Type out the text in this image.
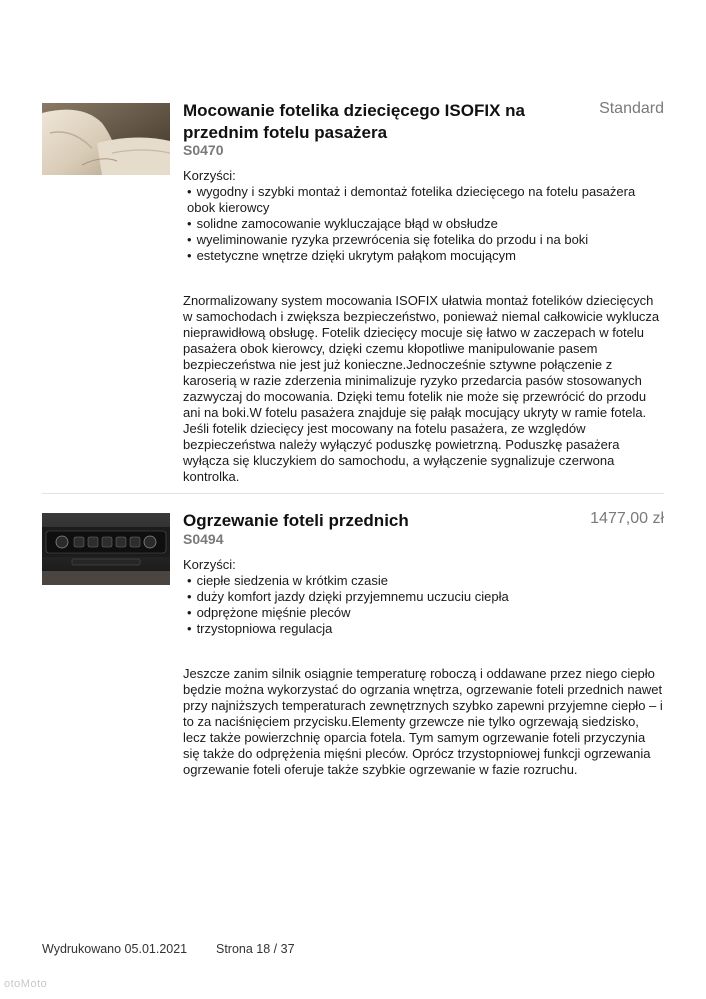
Mocowanie fotelika dziecięcego ISOFIX na przednim fotelu pasażera
S0470
Standard
Korzyści:
• wygodny i szybki montaż i demontaż fotelika dziecięcego na fotelu pasażera obok kierowcy
• solidne zamocowanie wykluczające błąd w obsłudze
• wyeliminowanie ryzyka przewrócenia się fotelika do przodu i na boki
• estetyczne wnętrze dzięki ukrytym pałąkom mocującym
Znormalizowany system mocowania ISOFIX ułatwia montaż fotelików dziecięcych w samochodach i zwiększa bezpieczeństwo, ponieważ niemal całkowicie wyklucza nieprawidłową obsługę. Fotelik dziecięcy mocuje się łatwo w zaczepach w fotelu pasażera obok kierowcy, dzięki czemu kłopotliwe manipulowanie pasem bezpieczeństwa nie jest już konieczne.Jednocześnie sztywne połączenie z karoserią w razie zderzenia minimalizuje ryzyko przedarcia pasów stosowanych zazwyczaj do mocowania. Dzięki temu fotelik nie może się przewrócić do przodu ani na boki.W fotelu pasażera znajduje się pałąk mocujący ukryty w ramie fotela. Jeśli fotelik dziecięcy jest mocowany na fotelu pasażera, ze względów bezpieczeństwa należy wyłączyć poduszkę powietrzną. Poduszkę pasażera wyłącza się kluczykiem do samochodu, a wyłączenie sygnalizuje czerwona kontrolka.
Ogrzewanie foteli przednich
S0494
1477,00 zł
Korzyści:
• ciepłe siedzenia w krótkim czasie
• duży komfort jazdy dzięki przyjemnemu uczuciu ciepła
• odprężone mięśnie pleców
• trzystopniowa regulacja
Jeszcze zanim silnik osiągnie temperaturę roboczą i oddawane przez niego ciepło będzie można wykorzystać do ogrzania wnętrza, ogrzewanie foteli przednich nawet przy najniższych temperaturach zewnętrznych szybko zapewni przyjemne ciepło – i to za naciśnięciem przycisku.Elementy grzewcze nie tylko ogrzewają siedzisko, lecz także powierzchnię oparcia fotela. Tym samym ogrzewanie foteli przyczynia się także do odprężenia mięśni pleców. Oprócz trzystopniowej funkcji ogrzewania ogrzewanie foteli oferuje także szybkie ogrzewanie w fazie rozruchu.
Wydrukowano 05.01.2021 Strona 18 / 37
otoMoto
